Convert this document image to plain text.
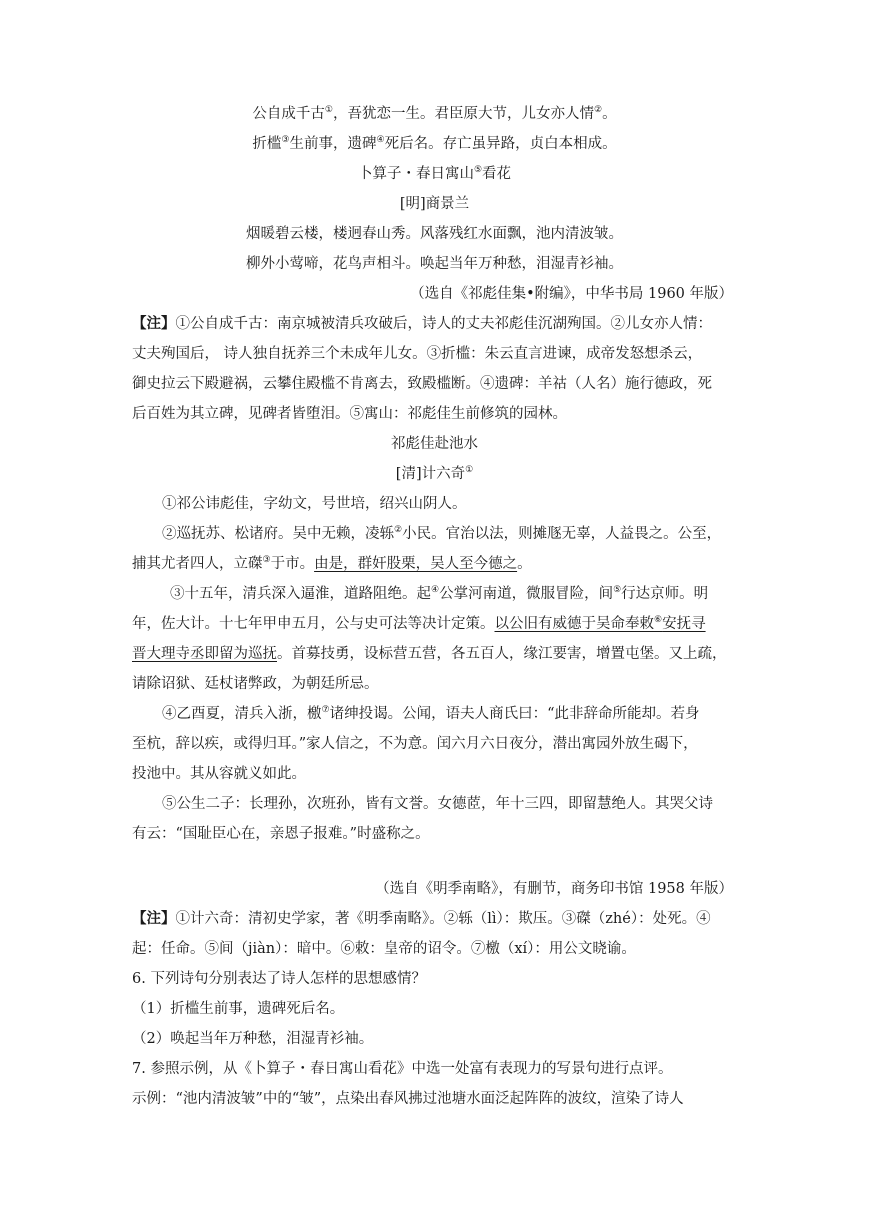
公自成千古①，吾犹恋一生。君臣原大节，儿女亦人情②。
折槛③生前事，遗碑④死后名。存亡虽异路，贞白本相成。
卜算子・春日寓山⑤看花
[明]商景兰
烟暖碧云楼，楼迥春山秀。风落残红水面飘，池内清波皱。
柳外小莺啼，花鸟声相斗。唤起当年万种愁，泪湿青衫袖。
（选自《祁彪佳集•附编》，中华书局 1960 年版）
【注】①公自成千古：南京城被清兵攻破后，诗人的丈夫祁彪佳沉湖殉国。②儿女亦人情：
丈夫殉国后， 诗人独自抚养三个未成年儿女。③折槛：朱云直言进谏，成帝发怒想杀云，
御史拉云下殿避祸，云攀住殿槛不肯离去，致殿槛断。④遗碑：羊祜（人名）施行德政，死
后百姓为其立碑，见碑者皆堕泪。⑤寓山：祁彪佳生前修筑的园林。
祁彪佳赴池水
[清]计六奇①
①祁公讳彪佳，字幼文，号世培，绍兴山阴人。
②巡抚苏、松诸府。吴中无赖，凌轹②小民。官治以法，则摊豗无辜，人益畏之。公至，
捕其尤者四人，立磔③于市。由是，群奸股栗，吴人至今德之。
③十五年，清兵深入逼淮，道路阻绝。起④公掌河南道，微服冒险，间⑤行达京师。明
年，佐大计。十七年甲申五月，公与史可法等决计定策。以公旧有威德于吴命奉敕⑥安抚寻
晋大理寺丞即留为巡抚。首募技勇，设标营五营，各五百人，缘江要害，增置屯堡。又上疏，
请除诏狱、廷杖诸弊政，为朝廷所忌。
④乙酉夏，清兵入浙，檄⑦诸绅投谒。公闻，语夫人商氏曰：“此非辞命所能却。若身
至杭，辞以疾，或得归耳。”家人信之，不为意。闰六月六日夜分，潜出寓园外放生碣下，
投池中。其从容就义如此。
⑤公生二子：长理孙，次班孙，皆有文誉。女德茝，年十三四，即留慧绝人。其哭父诗
有云：“国耻臣心在，亲恩子报难。”时盛称之。
（选自《明季南略》，有删节，商务印书馆 1958 年版）
【注】①计六奇：清初史学家，著《明季南略》。②轹（lì）：欺压。③磔（zhé）：处死。④
起：任命。⑤间（jiàn）：暗中。⑥敕：皇帝的诏令。⑦檄（xí）：用公文晓谕。
6. 下列诗句分别表达了诗人怎样的思想感情？
（1）折槛生前事，遗碑死后名。
（2）唤起当年万种愁，泪湿青衫袖。
7. 参照示例，从《卜算子・春日寓山看花》中选一处富有表现力的写景句进行点评。
示例：“池内清波皱”中的“皱”，点染出春风拂过池塘水面泛起阵阵的波纹，渲染了诗人
